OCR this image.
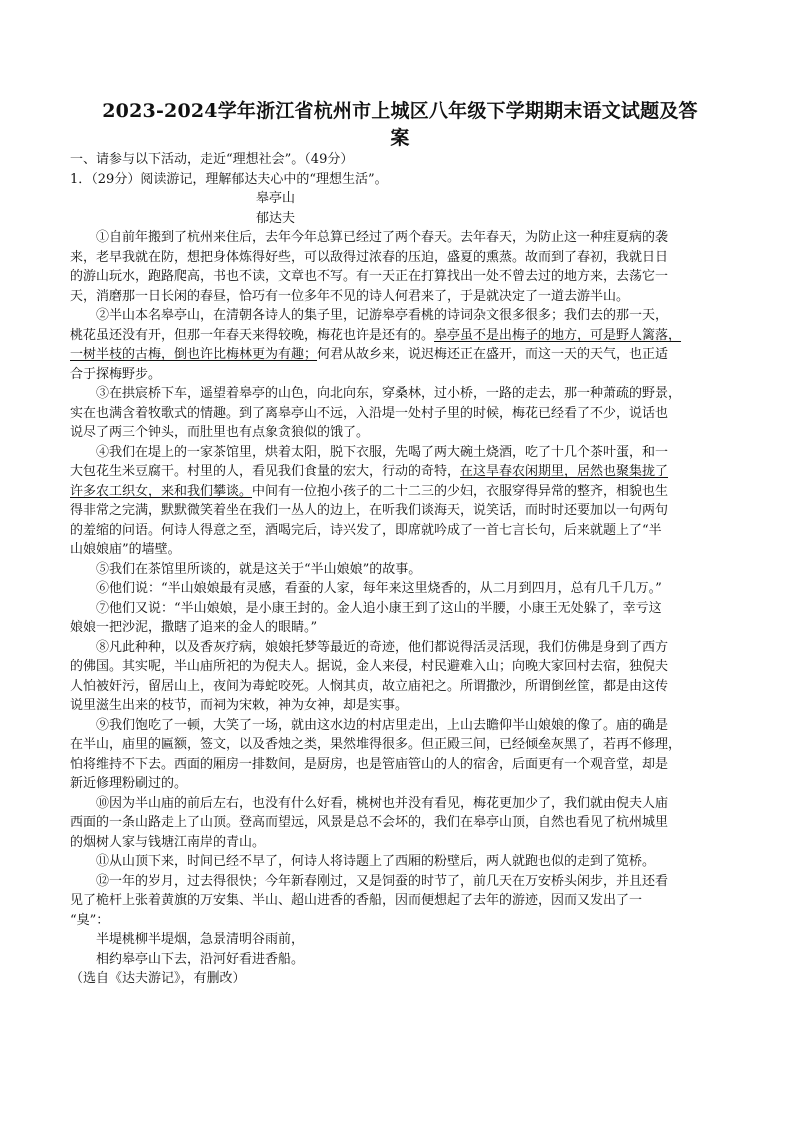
2023-2024学年浙江省杭州市上城区八年级下学期期末语文试题及答
案
一、请参与以下活动，走近“理想社会”。（49分）
1．（29分）阅读游记，理解郁达夫心中的“理想生活”。
皋亭山
郁达夫
①自前年搬到了杭州来住后，去年今年总算已经过了两个春天。去年春天，为防止这一种疰夏病的袭
来，老早我就在防，想把身体炼得好些，可以敌得过浓春的压迫，盛夏的熏蒸。故而到了春初，我就日日
的游山玩水，跑路爬高，书也不读，文章也不写。有一天正在打算找出一处不曾去过的地方来，去荡它一
天，消磨那一日长闲的春昼，恰巧有一位多年不见的诗人何君来了，于是就决定了一道去游半山。
②半山本名皋亭山，在清朝各诗人的集子里，记游皋亭看桃的诗词杂文很多很多；我们去的那一天，
桃花虽还没有开，但那一年春天来得较晚，梅花也许是还有的。皋亭虽不是出梅子的地方，可是野人篱落，
一树半枝的古梅，倒也许比梅林更为有趣；何君从故乡来，说迟梅还正在盛开，而这一天的天气，也正适
合于探梅野步。
③在拱宸桥下车，遥望着皋亭的山色，向北向东，穿桑林，过小桥，一路的走去，那一种萧疏的野景，
实在也满含着牧歌式的情趣。到了离皋亭山不远，入沿堤一处村子里的时候，梅花已经看了不少，说话也
说尽了两三个钟头，而肚里也有点象贪狼似的饿了。
④我们在堤上的一家茶馆里，烘着太阳，脱下衣服，先喝了两大碗土烧酒，吃了十几个茶叶蛋，和一
大包花生米豆腐干。村里的人，看见我们食量的宏大，行动的奇特，在这旱春农闲期里，居然也聚集拢了
许多农工织女，来和我们攀谈。中间有一位抱小孩子的二十二三的少妇，衣服穿得异常的整齐，相貌也生
得非常之完满，默默微笑着坐在我们一丛人的边上，在听我们谈海天，说笑话，而时时还要加以一句两句
的羞缩的问语。何诗人得意之至，酒喝完后，诗兴发了，即席就吟成了一首七言长句，后来就题上了“半
山娘娘庙”的墙壁。
⑤我们在茶馆里所谈的，就是这关于“半山娘娘”的故事。
⑥他们说：“半山娘娘最有灵感，看蚕的人家，每年来这里烧香的，从二月到四月，总有几千几万。”
⑦他们又说：“半山娘娘，是小康王封的。金人追小康王到了这山的半腰，小康王无处躲了，幸亏这
娘娘一把沙泥，撒瞎了追来的金人的眼睛。”
⑧凡此种种，以及香灰疗病，娘娘托梦等最近的奇迹，他们都说得活灵活现，我们仿佛是身到了西方
的佛国。其实呢，半山庙所祀的为倪夫人。据说，金人来侵，村民避难入山；向晚大家回村去宿，独倪夫
人怕被奸污，留居山上，夜间为毒蛇咬死。人悯其贞，故立庙祀之。所谓撒沙，所谓倒丝筐，都是由这传
说里滋生出来的枝节，而祠为宋敕，神为女神，却是实事。
⑨我们饱吃了一顿，大笑了一场，就由这水边的村店里走出，上山去瞻仰半山娘娘的像了。庙的确是
在半山，庙里的匾额，签文，以及香烛之类，果然堆得很多。但正殿三间，已经倾垒灰黑了，若再不修理，
怕将维持不下去。西面的厢房一排数间，是厨房，也是管庙管山的人的宿舍，后面更有一个观音堂，却是
新近修理粉刷过的。
⑩因为半山庙的前后左右，也没有什么好看，桃树也并没有看见，梅花更加少了，我们就由倪夫人庙
西面的一条山路走上了山顶。登高而望远，风景是总不会坏的，我们在皋亭山顶，自然也看见了杭州城里
的烟树人家与钱塘江南岸的青山。
⑪从山顶下来，时间已经不早了，何诗人将诗题上了西厢的粉壁后，两人就跑也似的走到了笕桥。
⑫一年的岁月，过去得很快；今年新春刚过，又是饲蚕的时节了，前几天在万安桥头闲步，并且还看
见了桅杆上张着黄旗的万安集、半山、超山进香的香船，因而便想起了去年的游迹，因而又发出了一
“臭”：
半堤桃柳半堤烟，急景清明谷雨前，
相约皋亭山下去，沿河好看进香船。
（选自《达夫游记》，有删改）
